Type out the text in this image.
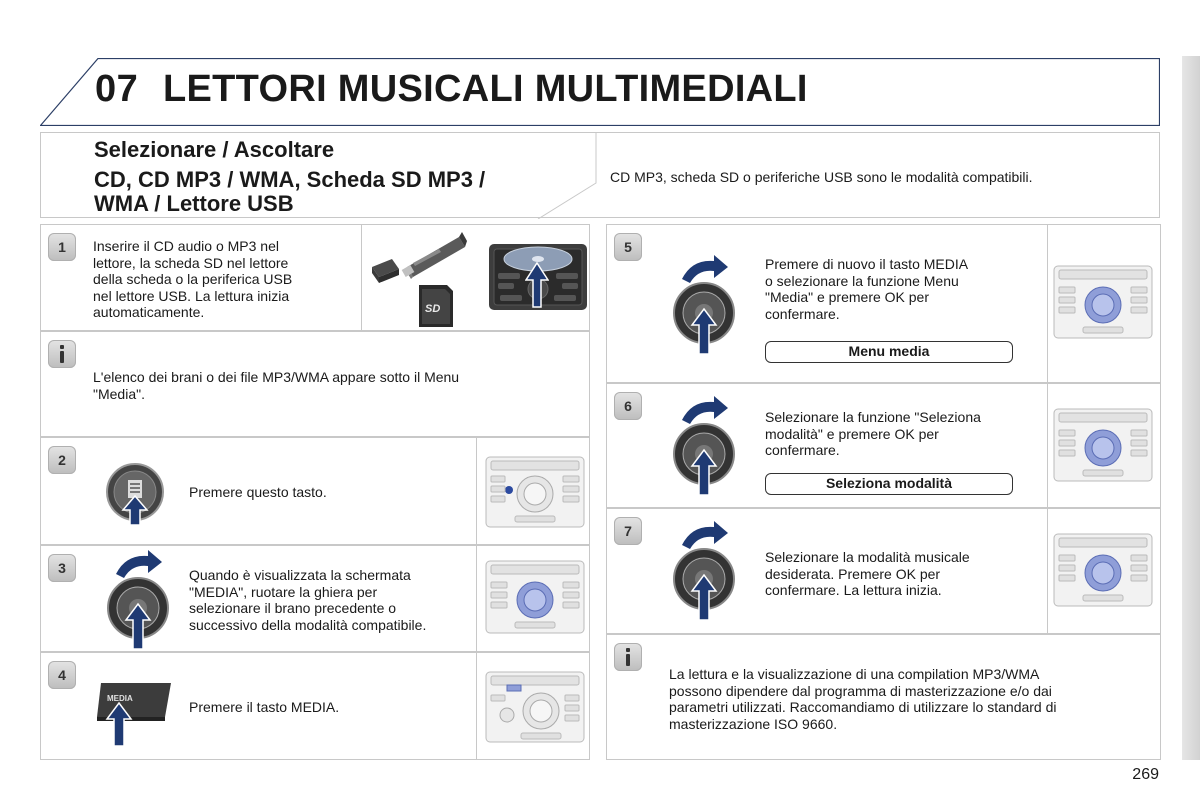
07 LETTORI MUSICALI MULTIMEDIALI
Selezionare / Ascoltare
CD, CD MP3 / WMA, Scheda SD MP3 /
WMA / Lettore USB
CD MP3, scheda SD o periferiche USB sono le modalità compatibili.
1	Inserire il CD audio o MP3 nel
lettore, la scheda SD nel lettore
della scheda o la periferica USB
nel lettore USB. La lettura inizia
automaticamente.	SD
L'elenco dei brani o dei file MP3/WMA appare sotto il Menu
"Media".
2
Premere questo tasto.
3	Quando è visualizzata la schermata
"MEDIA", ruotare la ghiera per
selezionare il brano precedente o
successivo della modalità compatibile.
4
MEDIA
Premere il tasto MEDIA.
5
Premere di nuovo il tasto MEDIA
o selezionare la funzione Menu
"Media" e premere OK per
confermare.
Menu media
6
Selezionare la funzione "Seleziona
modalità" e premere OK per
confermare.
Seleziona modalità
7
Selezionare la modalità musicale
desiderata. Premere OK per
confermare. La lettura inizia.
La lettura e la visualizzazione di una compilation MP3/WMA
possono dipendere dal programma di masterizzazione e/o dai
parametri utilizzati. Raccomandiamo di utilizzare lo standard di
masterizzazione ISO 9660.
269
